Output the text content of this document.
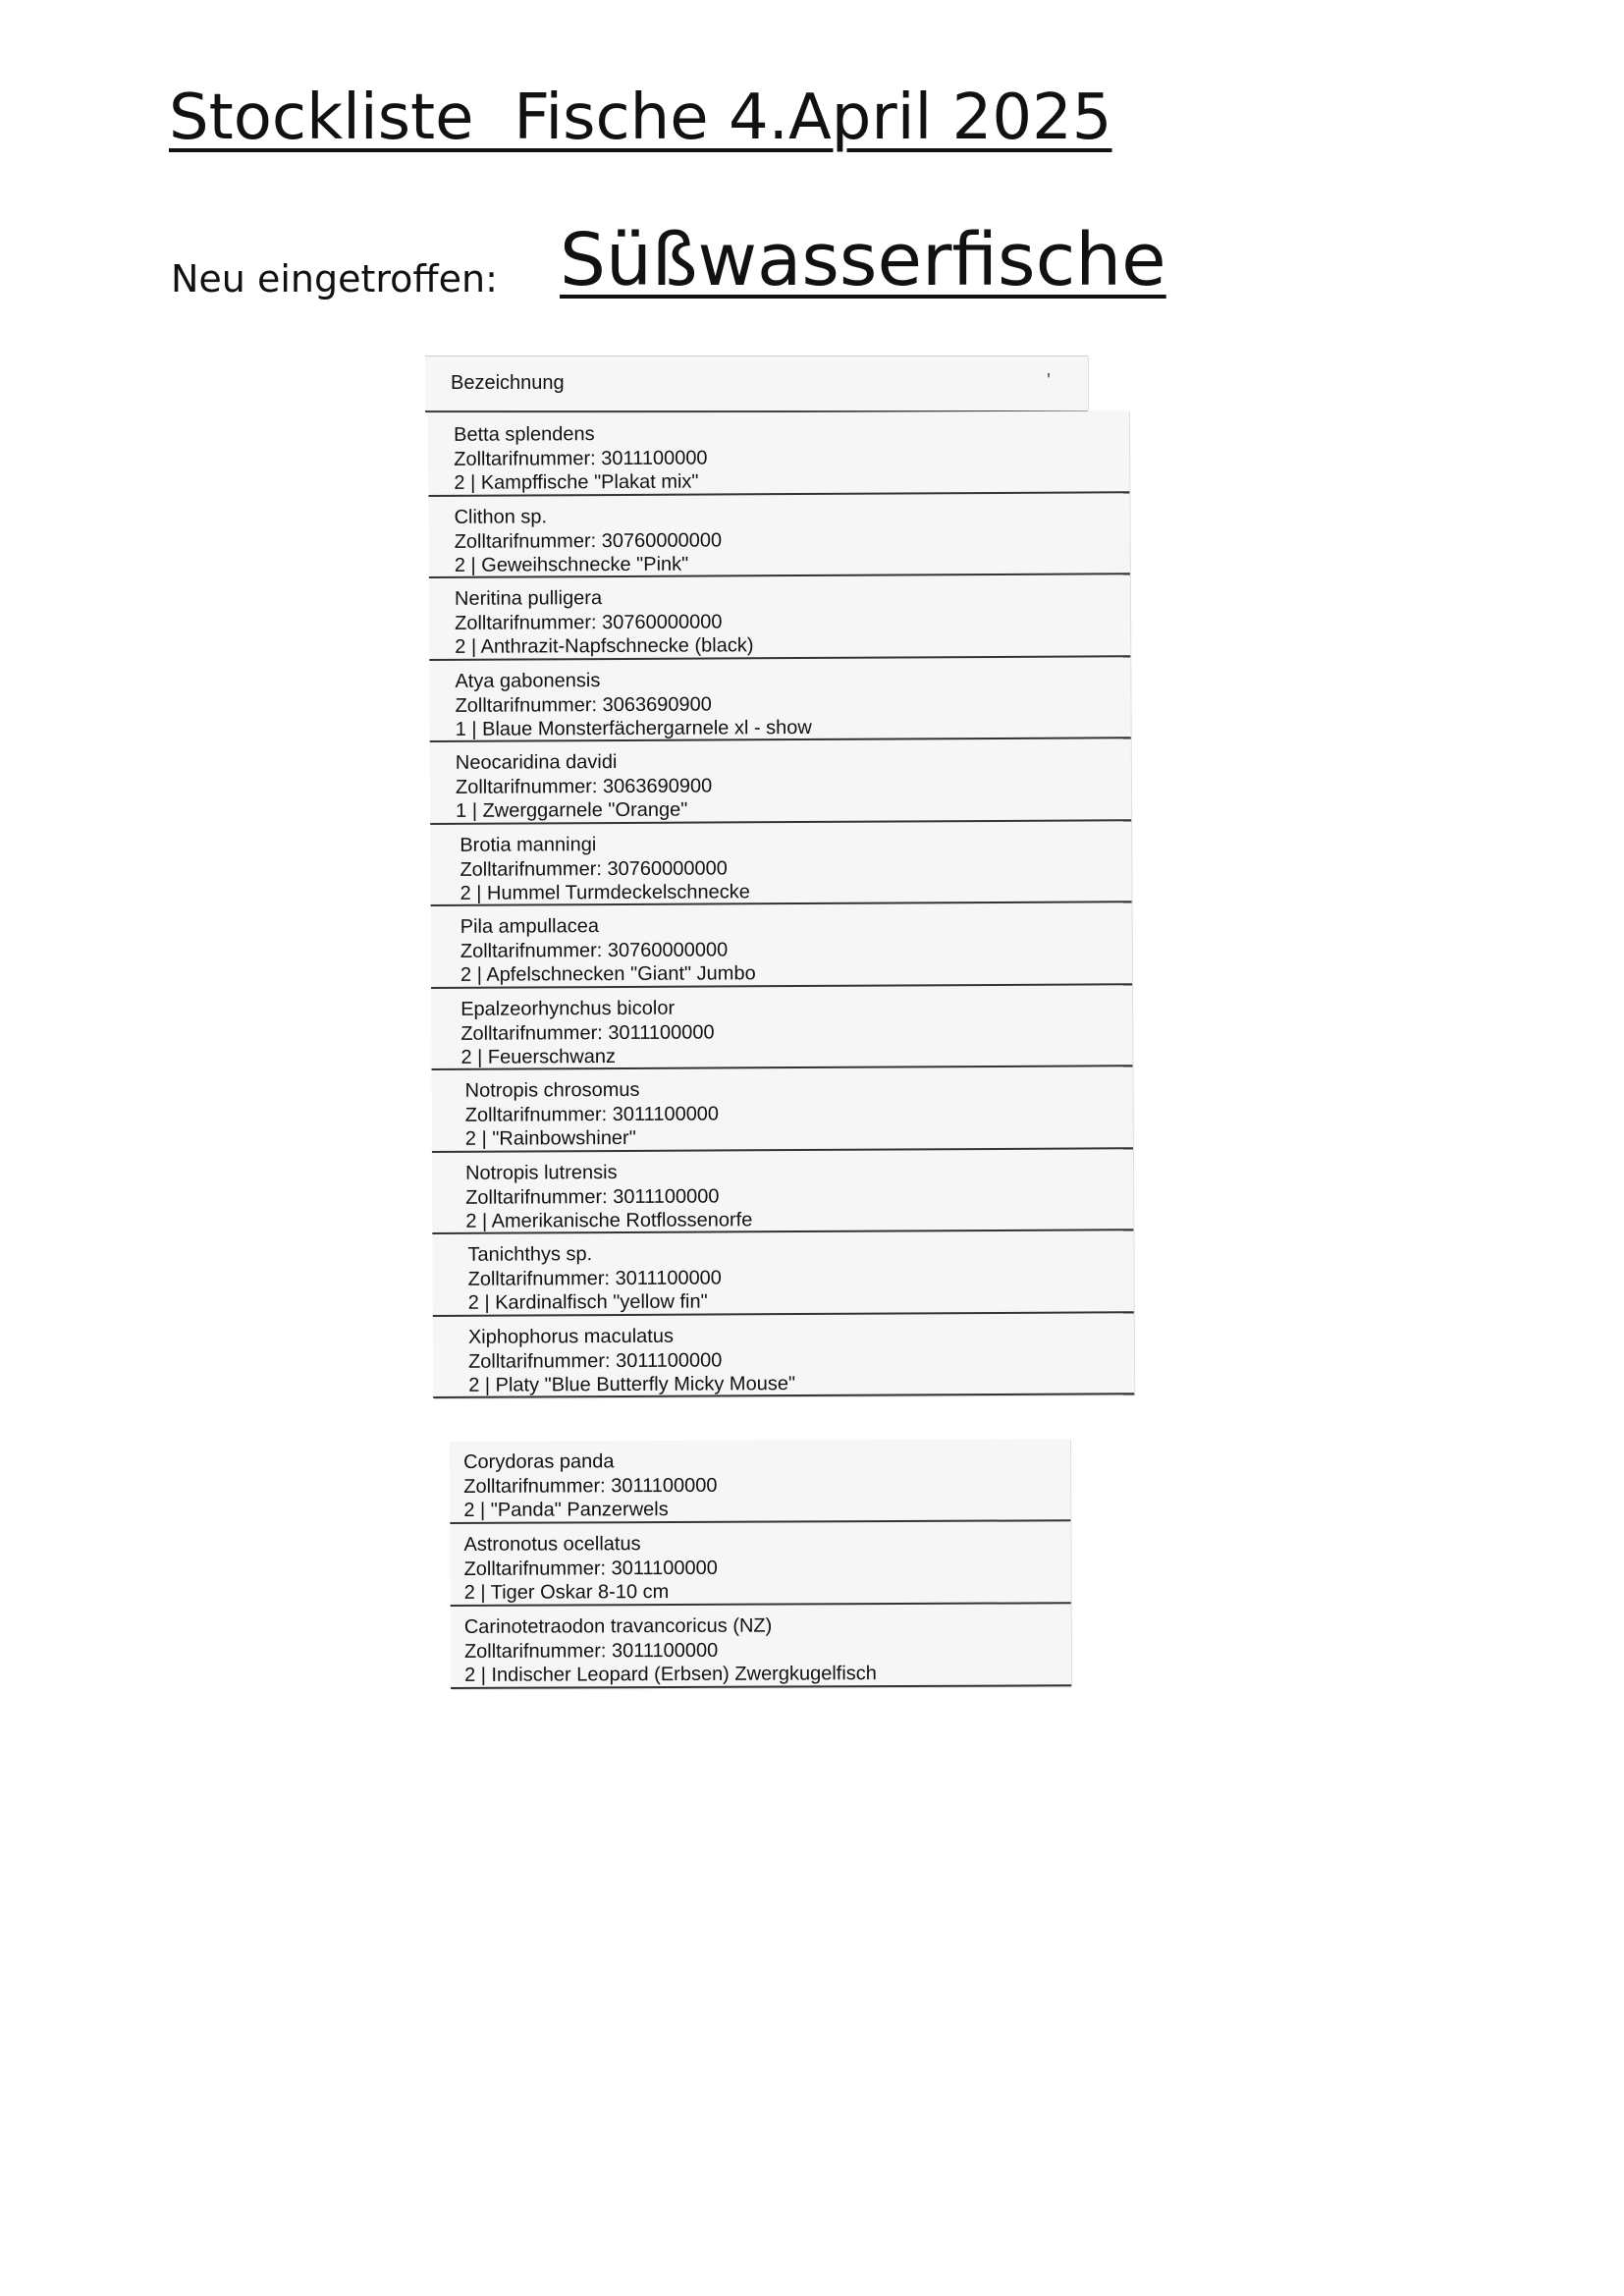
Stockliste  Fische 4.April 2025
Neu eingetroffen: Süßwasserfische
Bezeichnung	'
Betta splendens
Zolltarifnummer: 3011100000
2 | Kampffische "Plakat mix"
Clithon sp.
Zolltarifnummer: 30760000000
2 | Geweihschnecke "Pink"
Neritina pulligera
Zolltarifnummer: 30760000000
2 | Anthrazit-Napfschnecke (black)
Atya gabonensis
Zolltarifnummer: 3063690900
1 | Blaue Monsterfächergarnele xl - show
Neocaridina davidi
Zolltarifnummer: 3063690900
1 | Zwerggarnele "Orange"
Brotia manningi
Zolltarifnummer: 30760000000
2 | Hummel Turmdeckelschnecke
Pila ampullacea
Zolltarifnummer: 30760000000
2 | Apfelschnecken "Giant" Jumbo
Epalzeorhynchus bicolor
Zolltarifnummer: 3011100000
2 | Feuerschwanz
Notropis chrosomus
Zolltarifnummer: 3011100000
2 | "Rainbowshiner"
Notropis lutrensis
Zolltarifnummer: 3011100000
2 | Amerikanische Rotflossenorfe
Tanichthys sp.
Zolltarifnummer: 3011100000
2 | Kardinalfisch "yellow fin"
Xiphophorus maculatus
Zolltarifnummer: 3011100000
2 | Platy "Blue Butterfly Micky Mouse"
Corydoras panda
Zolltarifnummer: 3011100000
2 | "Panda" Panzerwels
Astronotus ocellatus
Zolltarifnummer: 3011100000
2 | Tiger Oskar 8-10 cm
Carinotetraodon travancoricus (NZ)
Zolltarifnummer: 3011100000
2 | Indischer Leopard (Erbsen) Zwergkugelfisch
